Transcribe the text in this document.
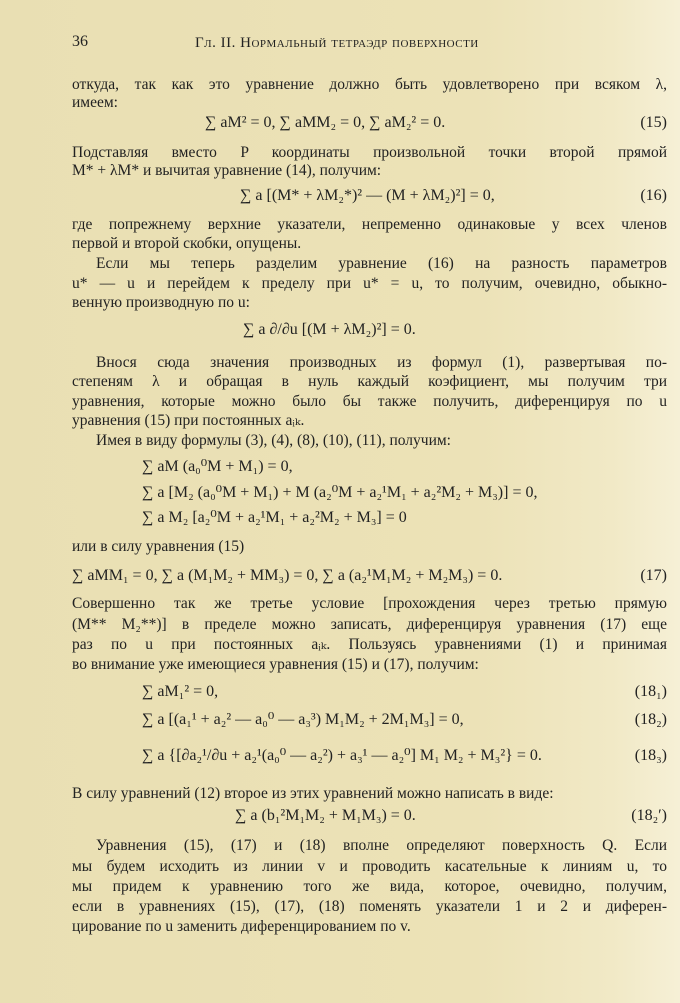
36	Гл. II. Нормальный тетраэдр поверхности
откуда, так как это уравнение должно быть удовлетворено при всяком λ,
имеем:
∑ aM² = 0, ∑ aMM₂ = 0, ∑ aM₂² = 0.	(15)
Подставляя вместо P координаты произвольной точки второй прямой
M* + λM* и вычитая уравнение (14), получим:
∑ a [(M* + λM₂*)² — (M + λM₂)²] = 0,	(16)
где попрежнему верхние указатели, непременно одинаковые у всех членов
первой и второй скобки, опущены.
Если мы теперь разделим уравнение (16) на разность параметров
u* — u и перейдем к пределу при u* = u, то получим, очевидно, обыкно-
венную производную по u:
∑ a ∂/∂u [(M + λM₂)²] = 0.
Внося сюда значения производных из формул (1), развертывая по-
степеням λ и обращая в нуль каждый коэфициент, мы получим три
уравнения, которые можно было бы также получить, диференцируя по u
уравнения (15) при постоянных aᵢₖ.
Имея в виду формулы (3), (4), (8), (10), (11), получим:
∑ aM (a₀⁰M + M₁) = 0,
∑ a [M₂ (a₀⁰M + M₁) + M (a₂⁰M + a₂¹M₁ + a₂²M₂ + M₃)] = 0,
∑ a M₂ [a₂⁰M + a₂¹M₁ + a₂²M₂ + M₃] = 0
или в силу уравнения (15)
∑ aMM₁ = 0, ∑ a (M₁M₂ + MM₃) = 0, ∑ a (a₂¹M₁M₂ + M₂M₃) = 0.	(17)
Совершенно так же третье условие [прохождения через третью прямую
(M** M₂**)] в пределе можно записать, диференцируя уравнения (17) еще
раз по u при постоянных aᵢₖ. Пользуясь уравнениями (1) и принимая
во внимание уже имеющиеся уравнения (15) и (17), получим:
∑ aM₁² = 0,	(18₁)
∑ a [(a₁¹ + a₂² — a₀⁰ — a₃³) M₁M₂ + 2M₁M₃] = 0,	(18₂)
∑ a {[∂a₂¹/∂u + a₂¹(a₀⁰ — a₂²) + a₃¹ — a₂⁰] M₁ M₂ + M₃²} = 0.	(18₃)
В силу уравнений (12) второе из этих уравнений можно написать в виде:
∑ a (b₁²M₁M₂ + M₁M₃) = 0.	(18₂′)
Уравнения (15), (17) и (18) вполне определяют поверхность Q. Если
мы будем исходить из линии v и проводить касательные к линиям u, то
мы придем к уравнению того же вида, которое, очевидно, получим,
если в уравнениях (15), (17), (18) поменять указатели 1 и 2 и диферен-
цирование по u заменить диференцированием по v.
